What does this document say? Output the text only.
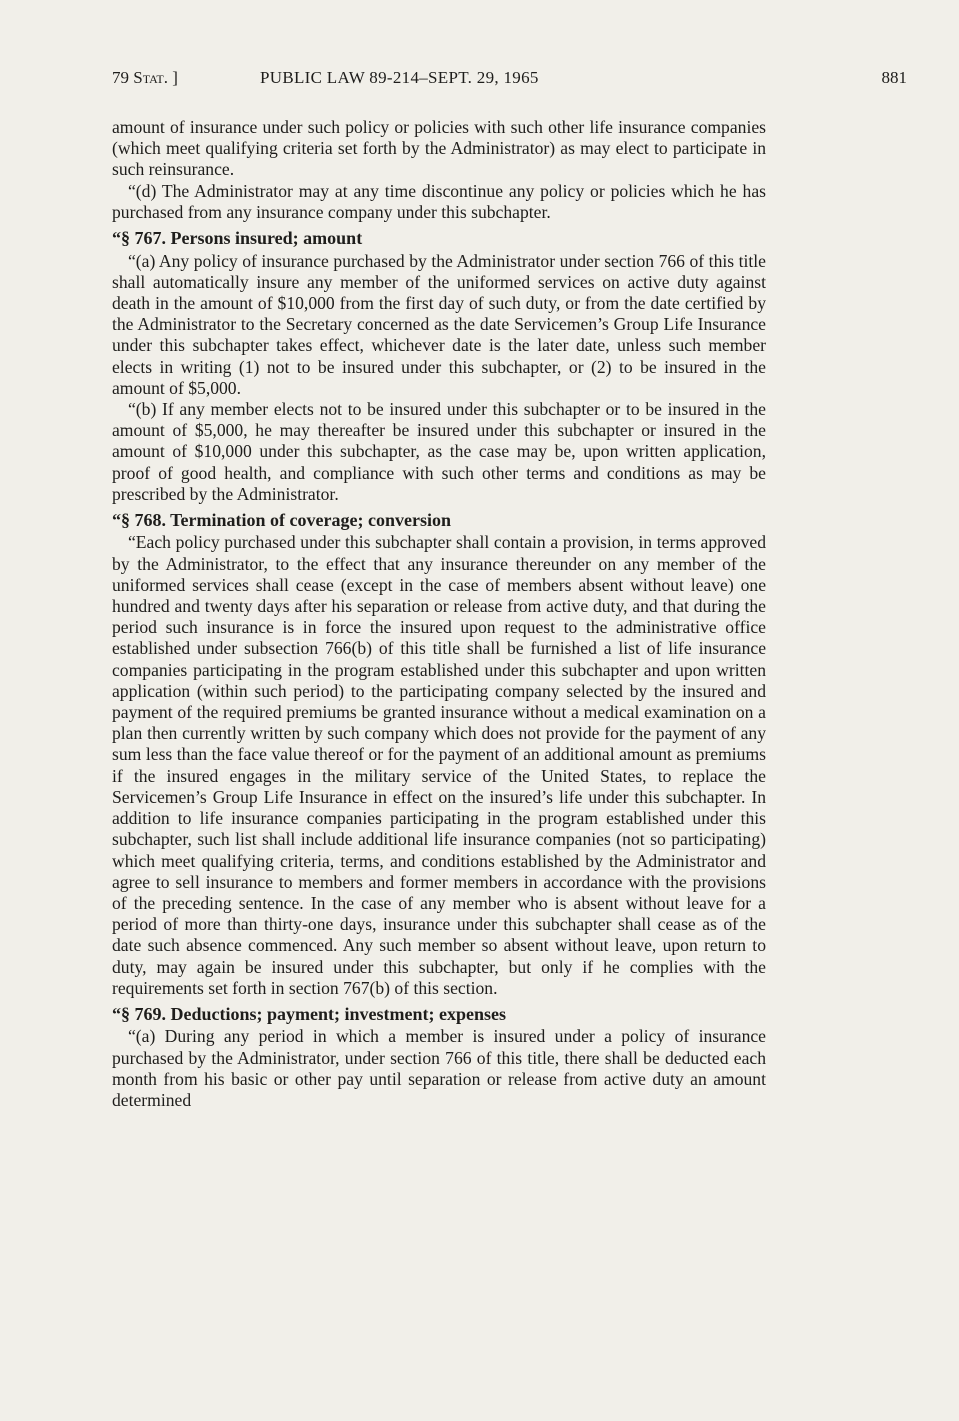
79 Stat. ]	PUBLIC LAW 89-214–SEPT. 29, 1965	881

amount of insurance under such policy or policies with such other life insurance companies (which meet qualifying criteria set forth by the Administrator) as may elect to participate in such reinsurance.

“(d) The Administrator may at any time discontinue any policy or policies which he has purchased from any insurance company under this subchapter.

“§ 767. Persons insured; amount

“(a) Any policy of insurance purchased by the Administrator under section 766 of this title shall automatically insure any member of the uniformed services on active duty against death in the amount of $10,000 from the first day of such duty, or from the date certified by the Administrator to the Secretary concerned as the date Servicemen’s Group Life Insurance under this subchapter takes effect, whichever date is the later date, unless such member elects in writing (1) not to be insured under this subchapter, or (2) to be insured in the amount of $5,000.

“(b) If any member elects not to be insured under this subchapter or to be insured in the amount of $5,000, he may thereafter be insured under this subchapter or insured in the amount of $10,000 under this subchapter, as the case may be, upon written application, proof of good health, and compliance with such other terms and conditions as may be prescribed by the Administrator.

“§ 768. Termination of coverage; conversion

“Each policy purchased under this subchapter shall contain a provision, in terms approved by the Administrator, to the effect that any insurance thereunder on any member of the uniformed services shall cease (except in the case of members absent without leave) one hundred and twenty days after his separation or release from active duty, and that during the period such insurance is in force the insured upon request to the administrative office established under subsection 766(b) of this title shall be furnished a list of life insurance companies participating in the program established under this subchapter and upon written application (within such period) to the participating company selected by the insured and payment of the required premiums be granted insurance without a medical examination on a plan then currently written by such company which does not provide for the payment of any sum less than the face value thereof or for the payment of an additional amount as premiums if the insured engages in the military service of the United States, to replace the Servicemen’s Group Life Insurance in effect on the insured’s life under this subchapter. In addition to life insurance companies participating in the program established under this subchapter, such list shall include additional life insurance companies (not so participating) which meet qualifying criteria, terms, and conditions established by the Administrator and agree to sell insurance to members and former members in accordance with the provisions of the preceding sentence. In the case of any member who is absent without leave for a period of more than thirty-one days, insurance under this subchapter shall cease as of the date such absence commenced. Any such member so absent without leave, upon return to duty, may again be insured under this subchapter, but only if he complies with the requirements set forth in section 767(b) of this section.

“§ 769. Deductions; payment; investment; expenses

“(a) During any period in which a member is insured under a policy of insurance purchased by the Administrator, under section 766 of this title, there shall be deducted each month from his basic or other pay until separation or release from active duty an amount determined
